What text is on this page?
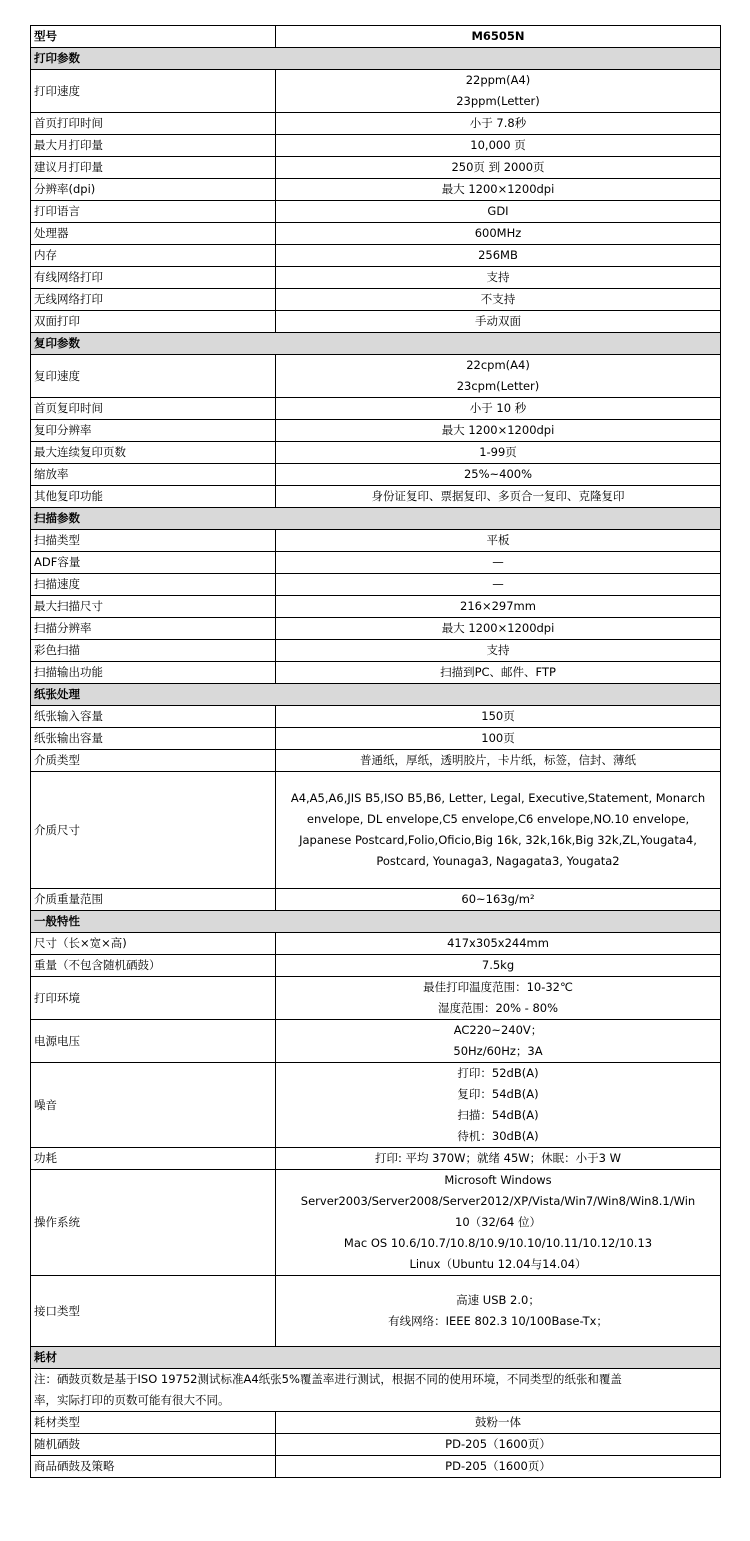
型号	M6505N

打印参数	
打印速度	22ppm(A4)
23ppm(Letter)

首页打印时间	小于 7.8秒

最大月打印量	10,000 页

建议月打印量	250页 到 2000页

分辨率(dpi)	最大 1200×1200dpi

打印语言	GDI

处理器	600MHz

内存	256MB

有线网络打印	支持

无线网络打印	不支持

双面打印	手动双面

复印参数	
复印速度	22cpm(A4)
23cpm(Letter)

首页复印时间	小于 10 秒

复印分辨率	最大 1200×1200dpi

最大连续复印页数	1-99页

缩放率	25%~400%

其他复印功能	身份证复印、票据复印、多页合一复印、克隆复印

扫描参数	
扫描类型	平板

ADF容量	—

扫描速度	—

最大扫描尺寸	216×297mm

扫描分辨率	最大 1200×1200dpi

彩色扫描	支持

扫描输出功能	扫描到PC、邮件、FTP

纸张处理	
纸张输入容量	150页

纸张输出容量	100页

介质类型	普通纸，厚纸，透明胶片，卡片纸，标签，信封、薄纸

介质尺寸	A4,A5,A6,JIS B5,ISO B5,B6, Letter, Legal, Executive,Statement, Monarch
envelope, DL envelope,C5 envelope,C6 envelope,NO.10 envelope,
Japanese Postcard,Folio,Oficio,Big 16k, 32k,16k,Big 32k,ZL,Yougata4,
Postcard, Younaga3, Nagagata3, Yougata2

介质重量范围	60~163g/m²

一般特性	
尺寸（长×宽×高)	417x305x244mm

重量（不包含随机硒鼓）	7.5kg

打印环境	最佳打印温度范围：10-32℃
湿度范围：20% - 80%

电源电压	AC220~240V；
50Hz/60Hz；3A

噪音	打印：52dB(A)
复印：54dB(A)
扫描：54dB(A)
待机：30dB(A)

功耗	打印: 平均 370W；就绪 45W；休眠：小于3 W

操作系统	Microsoft Windows
Server2003/Server2008/Server2012/XP/Vista/Win7/Win8/Win8.1/Win
10（32/64 位）
Mac OS 10.6/10.7/10.8/10.9/10.10/10.11/10.12/10.13
Linux（Ubuntu 12.04与14.04）

接口类型	高速 USB 2.0；
有线网络：IEEE 802.3 10/100Base-Tx；

耗材	

注：硒鼓页数是基于ISO 19752测试标准A4纸张5%覆盖率进行测试，根据不同的使用环境，不同类型的纸张和覆盖
率，实际打印的页数可能有很大不同。	

耗材类型	鼓粉一体

随机硒鼓	PD-205（1600页）

商品硒鼓及策略	PD-205（1600页）
